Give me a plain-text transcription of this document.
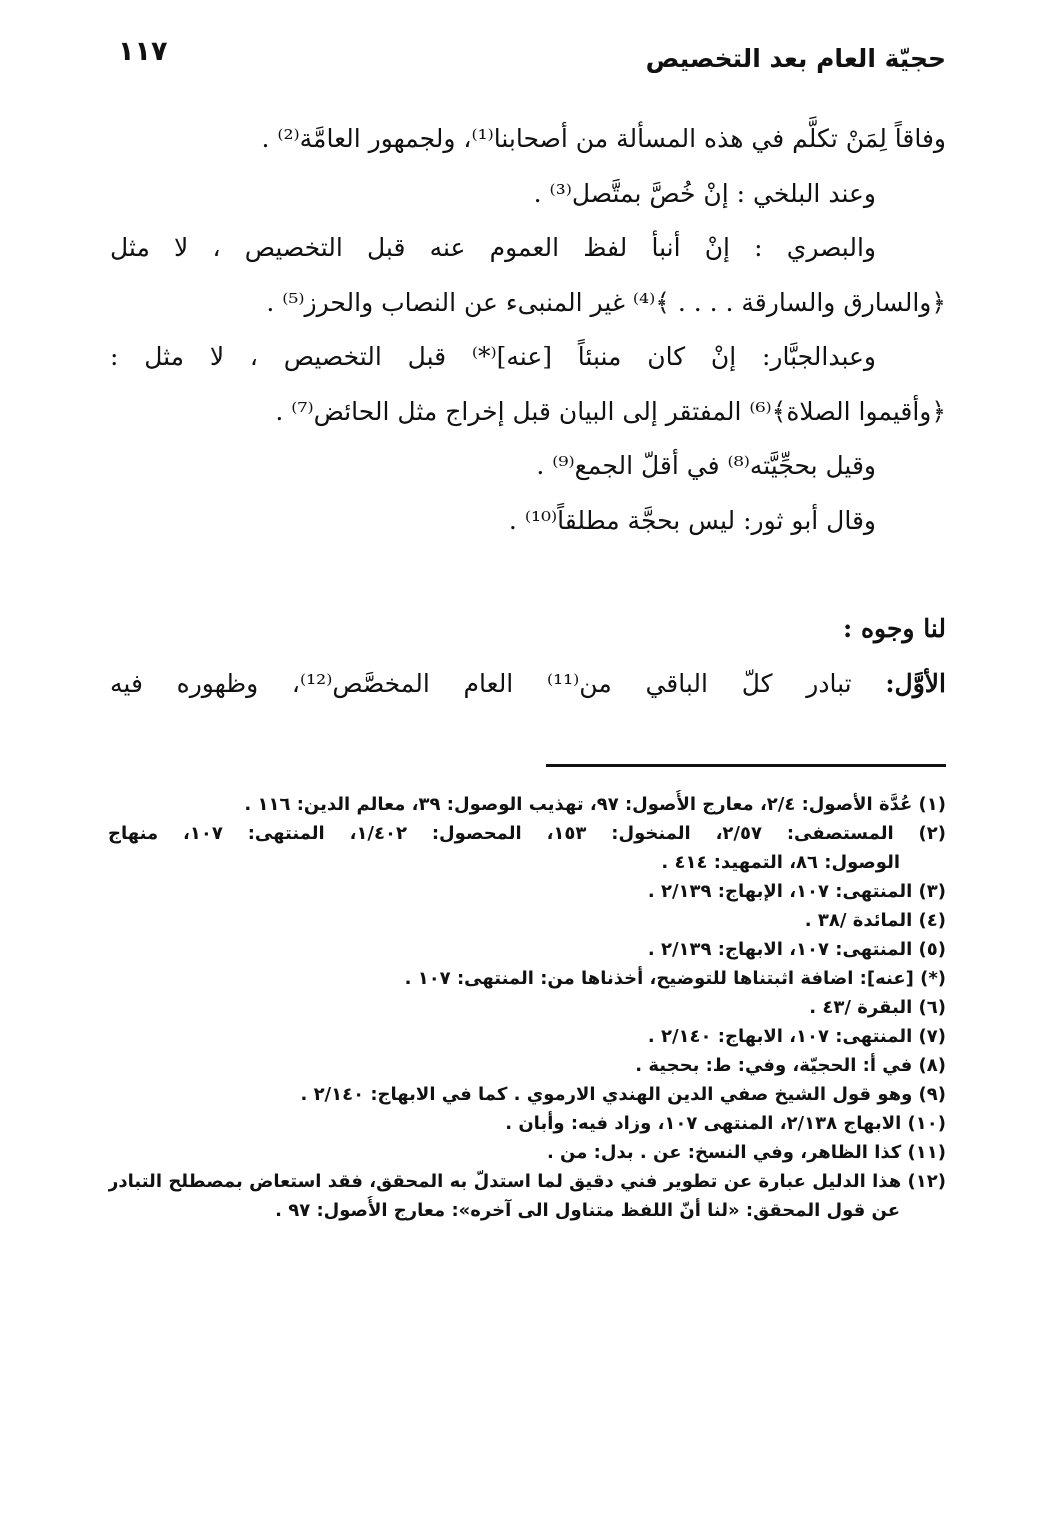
حجيّة العام بعد التخصيص
١١٧
وفاقاً لِمَنْ تكلَّم في هذه المسألة من أصحابنا⁽¹⁾، ولجمهور العامَّة⁽²⁾ .
وعند البلخي : إنْ خُصَّ بمتَّصل⁽³⁾ .
والبصري : إنْ أنبأ لفظ العموم عنه قبل التخصيص ، لا مثل
﴿والسارق والسارقة . . . . ﴾⁽⁴⁾ غير المنبىء عن النصاب والحرز⁽⁵⁾ .
وعبدالجبَّار: إنْ كان منبئاً [عنه]⁽*⁾ قبل التخصيص ، لا مثل :
﴿وأقيموا الصلاة﴾⁽⁶⁾ المفتقر إلى البيان قبل إخراج مثل الحائض⁽⁷⁾ .
وقيل بحجِّيَّته⁽⁸⁾ في أقلّ الجمع⁽⁹⁾ .
وقال أبو ثور: ليس بحجَّة مطلقاً⁽¹⁰⁾ .
لنا وجوه :
الأوَّل: تبادر كلّ الباقي من⁽¹¹⁾ العام المخصَّص⁽¹²⁾، وظهوره فيه
(١) عُدَّة الأصول: ٢/٤، معارج الأُصول: ٩٧، تهذيب الوصول: ٣٩، معالم الدين: ١١٦ .
(٢) المستصفى: ٢/٥٧، المنخول: ١٥٣، المحصول: ١/٤٠٢، المنتهى: ١٠٧، منهاج
الوصول: ٨٦، التمهيد: ٤١٤ .
(٣) المنتهى: ١٠٧، الإبهاج: ٢/١٣٩ .
(٤) المائدة /٣٨ .
(٥) المنتهى: ١٠٧، الابهاج: ٢/١٣٩ .
(*) [عنه]: اضافة اثبتناها للتوضيح، أخذناها من: المنتهى: ١٠٧ .
(٦) البقرة /٤٣ .
(٧) المنتهى: ١٠٧، الابهاج: ٢/١٤٠ .
(٨) في أ: الحجيّة، وفي: ط: بحجية .
(٩) وهو قول الشيخ صفي الدين الهندي الارموي . كما في الابهاج: ٢/١٤٠ .
(١٠) الابهاج ٢/١٣٨، المنتهى ١٠٧، وزاد فيه: وأبان .
(١١) كذا الظاهر، وفي النسخ: عن . بدل: من .
(١٢) هذا الدليل عبارة عن تطوير فني دقيق لما استدلّ به المحقق، فقد استعاض بمصطلح التبادر
عن قول المحقق: «لنا أنّ اللفظ متناول الى آخره»: معارج الأُصول: ٩٧ .
